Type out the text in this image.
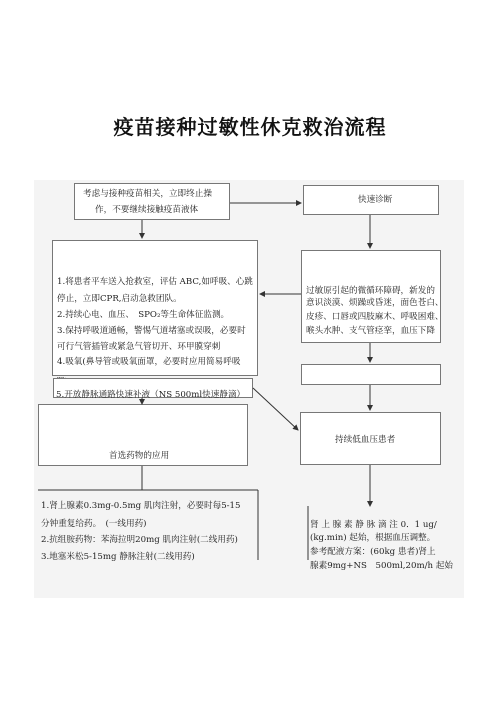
疫苗接种过敏性休克救治流程
考虑与接种疫苗相关，立即终止操
作，不要继续接触疫苗液体
快速诊断
过敏原引起的微循环障碍，新发的
意识淡漠、烦躁或昏迷，面色苍白、
皮疹、口唇或四肢麻木、呼吸困难、
喉头水肿、支气管痉挛，血压下降
1.将患者平车送入抢救室，评估 ABC,如呼吸、心跳
停止，立即CPR,启动急救团队。
2.持续心电、血压、　SPO₂等生命体征监测。
3.保持呼吸道通畅，警惕气道堵塞或误吸，必要时
可行气管插管或紧急气管切开、环甲膜穿刺
4.吸氧(鼻导管或吸氧面罩，必要时应用简易呼吸
5.开放静脉通路快速补液（NS 500ml快速静滴）
首选药物的应用
持续低血压患者
1.肾上腺素0.3mg-0.5mg 肌肉注射，必要时每5-15
分钟重复给药。　(一线用药)
2.抗组胺药物：苯海拉明20mg 肌肉注射(二线用药)
3.地塞米松5-15mg 静脉注射(二线用药)
肾 上 腺 素 静 脉 滴 注 0．1 ug/
(kg.min) 起始，根据血压调整。
参考配液方案：(60kg 患者)肾上
腺素9mg+NS　500ml,20m/h 起始
